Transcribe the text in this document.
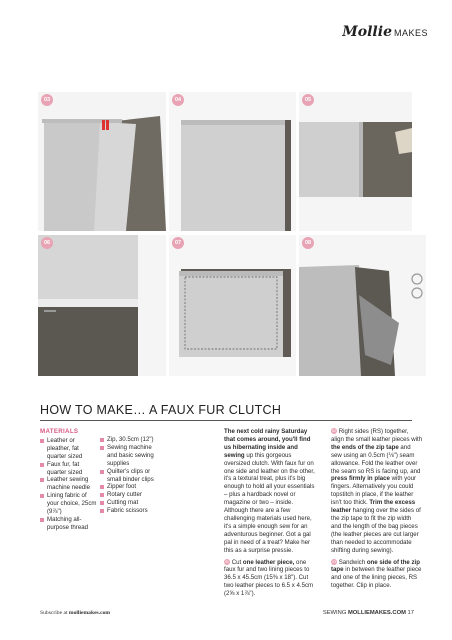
Mollie MAKES
03	04	05
06	07	08
HOW TO MAKE… A FAUX FUR CLUTCH
MATERIALS
Leather or pleather, fat quarter sized
Faux fur, fat quarter sized
Leather sewing machine needle
Lining fabric of your choice, 25cm (9⅞")
Matching all-purpose thread
Zip, 30.5cm (12")
Sewing machine and basic sewing supplies
Quilter's clips or small binder clips
Zipper foot
Rotary cutter
Cutting mat
Fabric scissors

The next cold rainy Saturday that comes around, you'll find us hibernating inside and sewing up this gorgeous oversized clutch. With faux fur on one side and leather on the other, it's a textural treat, plus it's big enough to hold all your essentials – plus a hardback novel or magazine or two – inside. Although there are a few challenging materials used here, it's a simple enough sew for an adventurous beginner. Got a gal pal in need of a treat? Make her this as a surprise pressie.

01 Cut one leather piece, one faux fur and two lining pieces to 36.5 x 45.5cm (15⅜ x 18"). Cut two leather pieces to 6.5 x 4.5cm (2⅝ x 1⅞").

02 Right sides (RS) together, align the small leather pieces with the ends of the zip tape and sew using an 0.5cm (⅛") seam allowance. Fold the leather over the seam so RS is facing up, and press firmly in place with your fingers. Alternatively you could topstitch in place, if the leather isn't too thick. Trim the excess leather hanging over the sides of the zip tape to fit the zip width and the length of the bag pieces (the leather pieces are cut larger than needed to accommodate shifting during sewing).

03 Sandwich one side of the zip tape in between the leather piece and one of the lining pieces, RS together. Clip in place.

Subscribe at molliemakes.com	SEWING MOLLIEMAKES.COM 17
